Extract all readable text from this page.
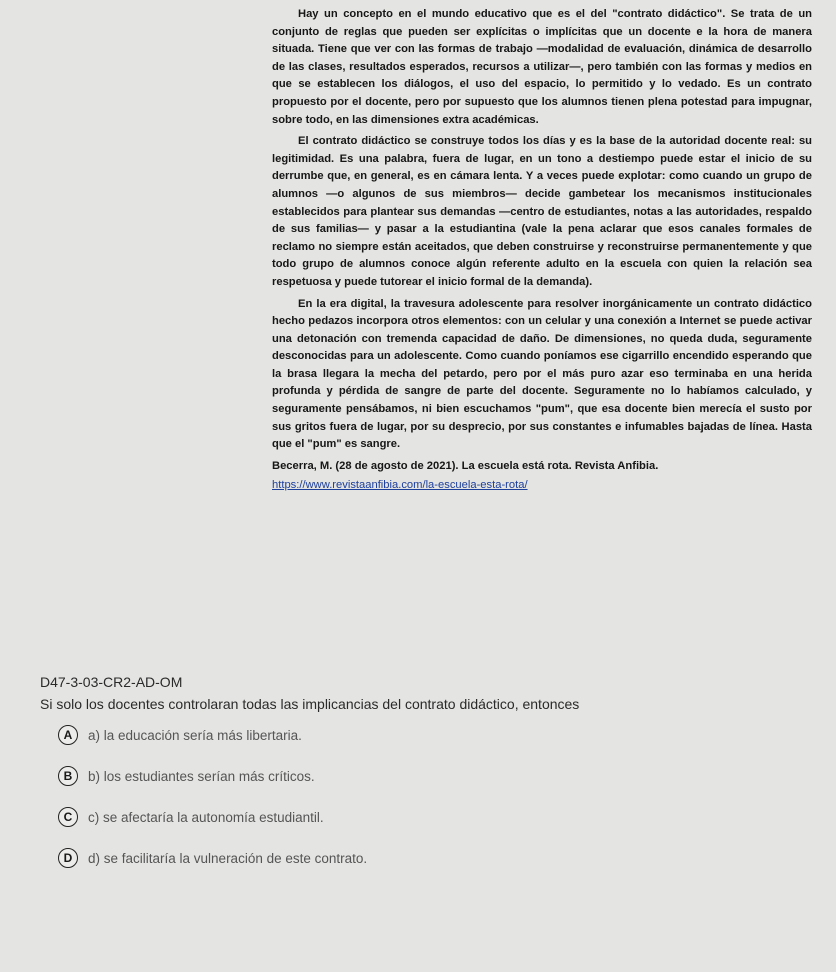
Hay un concepto en el mundo educativo que es el del "contrato didáctico". Se trata de un conjunto de reglas que pueden ser explícitas o implícitas que un docente e la hora de manera situada. Tiene que ver con las formas de trabajo —modalidad de evaluación, dinámica de desarrollo de las clases, resultados esperados, recursos a utilizar—, pero también con las formas y medios en que se establecen los diálogos, el uso del espacio, lo permitido y lo vedado. Es un contrato propuesto por el docente, pero por supuesto que los alumnos tienen plena potestad para impugnar, sobre todo, en las dimensiones extra académicas.

El contrato didáctico se construye todos los días y es la base de la autoridad docente real: su legitimidad. Es una palabra, fuera de lugar, en un tono a destiempo puede estar el inicio de su derrumbe que, en general, es en cámara lenta. Y a veces puede explotar: como cuando un grupo de alumnos —o algunos de sus miembros— decide gambetear los mecanismos institucionales establecidos para plantear sus demandas —centro de estudiantes, notas a las autoridades, respaldo de sus familias— y pasar a la estudiantina (vale la pena aclarar que esos canales formales de reclamo no siempre están aceitados, que deben construirse y reconstruirse permanentemente y que todo grupo de alumnos conoce algún referente adulto en la escuela con quien la relación sea respetuosa y puede tutorear el inicio formal de la demanda).

En la era digital, la travesura adolescente para resolver inorgánicamente un contrato didáctico hecho pedazos incorpora otros elementos: con un celular y una conexión a Internet se puede activar una detonación con tremenda capacidad de daño. De dimensiones, no queda duda, seguramente desconocidas para un adolescente. Como cuando poníamos ese cigarrillo encendido esperando que la brasa llegara la mecha del petardo, pero por el más puro azar eso terminaba en una herida profunda y pérdida de sangre de parte del docente. Seguramente no lo habíamos calculado, y seguramente pensábamos, ni bien escuchamos "pum", que esa docente bien merecía el susto por sus gritos fuera de lugar, por su desprecio, por sus constantes e infumables bajadas de línea. Hasta que el "pum" es sangre.

Becerra, M. (28 de agosto de 2021). La escuela está rota. Revista Anfibia.

https://www.revistaanfibia.com/la-escuela-esta-rota/
D47-3-03-CR2-AD-OM
Si solo los docentes controlaran todas las implicancias del contrato didáctico, entonces
A	a) la educación sería más libertaria.
B	b) los estudiantes serían más críticos.
C	c) se afectaría la autonomía estudiantil.
D	d) se facilitaría la vulneración de este contrato.
